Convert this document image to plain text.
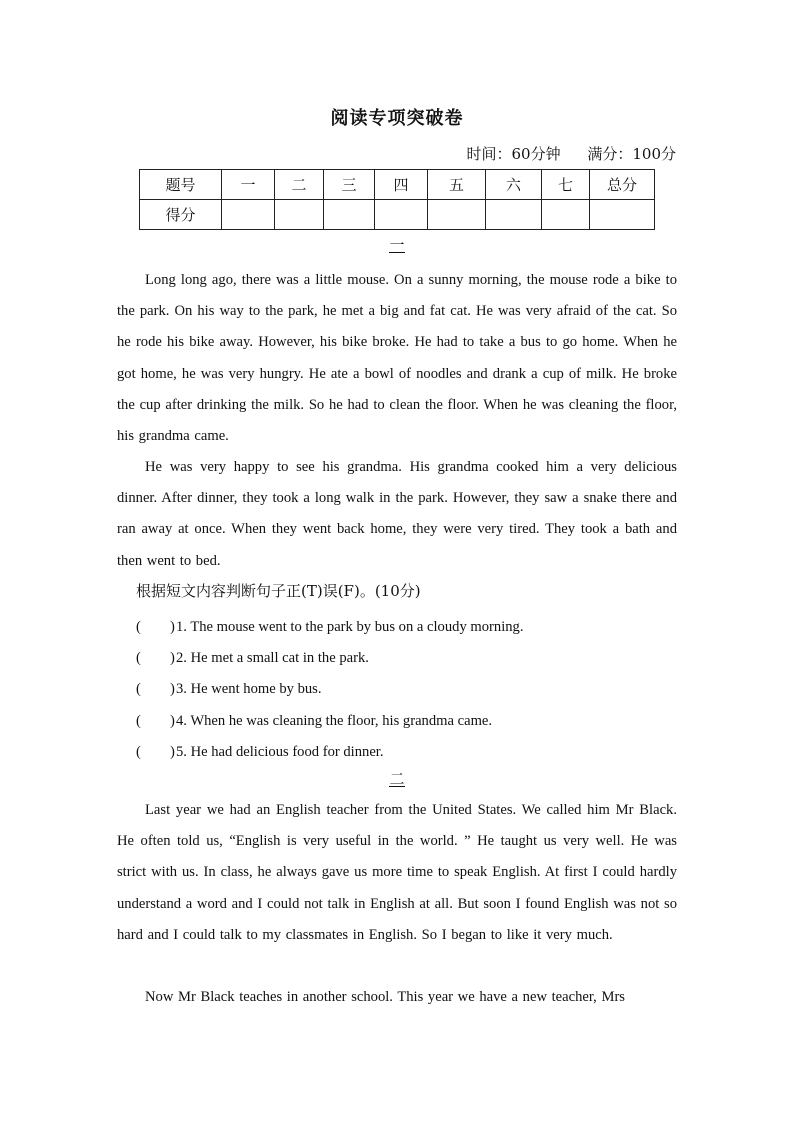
阅读专项突破卷
时间：60分钟 满分：100分
题号	一	二	三	四	五	六	七	总分
得分								
一
Long long ago, there was a little mouse. On a sunny morning, the mouse rode a bike to the park. On his way to the park, he met a big and fat cat. He was very afraid of the cat. So he rode his bike away. However, his bike broke. He had to take a bus to go home. When he got home, he was very hungry. He ate a bowl of noodles and drank a cup of milk. He broke the cup after drinking the milk. So he had to clean the floor. When he was cleaning the floor, his grandma came.
He was very happy to see his grandma. His grandma cooked him a very delicious dinner. After dinner, they took a long walk in the park. However, they saw a snake there and ran away at once. When they went back home, they were very tired. They took a bath and then went to bed.
根据短文内容判断句子正(T)误(F)。(10分)
(　　)1. The mouse went to the park by bus on a cloudy morning.
(　　)2. He met a small cat in the park.
(　　)3. He went home by bus.
(　　)4. When he was cleaning the floor, his grandma came.
(　　)5. He had delicious food for dinner.
二
Last year we had an English teacher from the United States. We called him Mr Black. He often told us, “English is very useful in the world. ” He taught us very well. He was strict with us. In class, he always gave us more time to speak English. At first I could hardly understand a word and I could not talk in English at all. But soon I found English was not so hard and I could talk to my classmates in English. So I began to like it very much.
Now Mr Black teaches in another school. This year we have a new teacher, Mrs
